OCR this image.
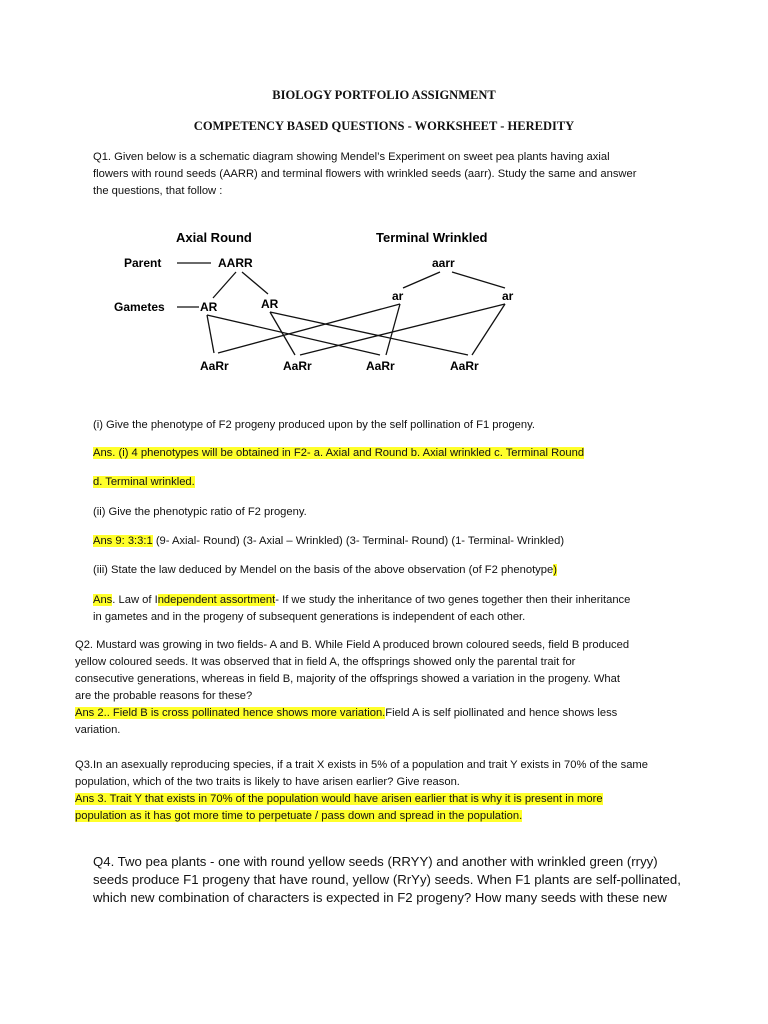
BIOLOGY PORTFOLIO ASSIGNMENT
COMPETENCY BASED QUESTIONS - WORKSHEET - HEREDITY
Q1. Given below is a schematic diagram showing Mendel’s Experiment on sweet pea plants having axial
flowers with round seeds (AARR) and terminal flowers with wrinkled seeds (aarr). Study the same and answer
the questions, that follow :
Axial Round	Terminal Wrinkled
Parent	AARR	aarr
Gametes	AR	AR
ar	ar
AaRr	AaRr	AaRr	AaRr
(i) Give the phenotype of F2 progeny produced upon by the self pollination of F1 progeny.
Ans. (i) 4 phenotypes will be obtained in F2- a. Axial and Round b. Axial wrinkled c. Terminal Round
d. Terminal wrinkled.
(ii) Give the phenotypic ratio of F2 progeny.
Ans 9: 3:3:1 (9- Axial- Round) (3- Axial – Wrinkled) (3- Terminal- Round) (1- Terminal- Wrinkled)
(iii) State the law deduced by Mendel on the basis of the above observation (of F2 phenotype)
Ans. Law of Independent assortment- If we study the inheritance of two genes together then their inheritance
in gametes and in the progeny of subsequent generations is independent of each other.
Q2. Mustard was growing in two fields- A and B. While Field A produced brown coloured seeds, field B produced
yellow coloured seeds. It was observed that in field A, the offsprings showed only the parental trait for
consecutive generations, whereas in field B, majority of the offsprings showed a variation in the progeny. What
are the probable reasons for these?
Ans 2.. Field B is cross pollinated hence shows more variation.Field A is self piollinated and hence shows less
variation.
Q3.In an asexually reproducing species, if a trait X exists in 5% of a population and trait Y exists in 70% of the same
population, which of the two traits is likely to have arisen earlier? Give reason.
Ans 3. Trait Y that exists in 70% of the population would have arisen earlier that is why it is present in more
population as it has got more time to perpetuate / pass down and spread in the population.
Q4. Two pea plants - one with round yellow seeds (RRYY) and another with wrinkled green (rryy)
seeds produce F1 progeny that have round, yellow (RrYy) seeds. When F1 plants are self-pollinated,
which new combination of characters is expected in F2 progeny? How many seeds with these new
